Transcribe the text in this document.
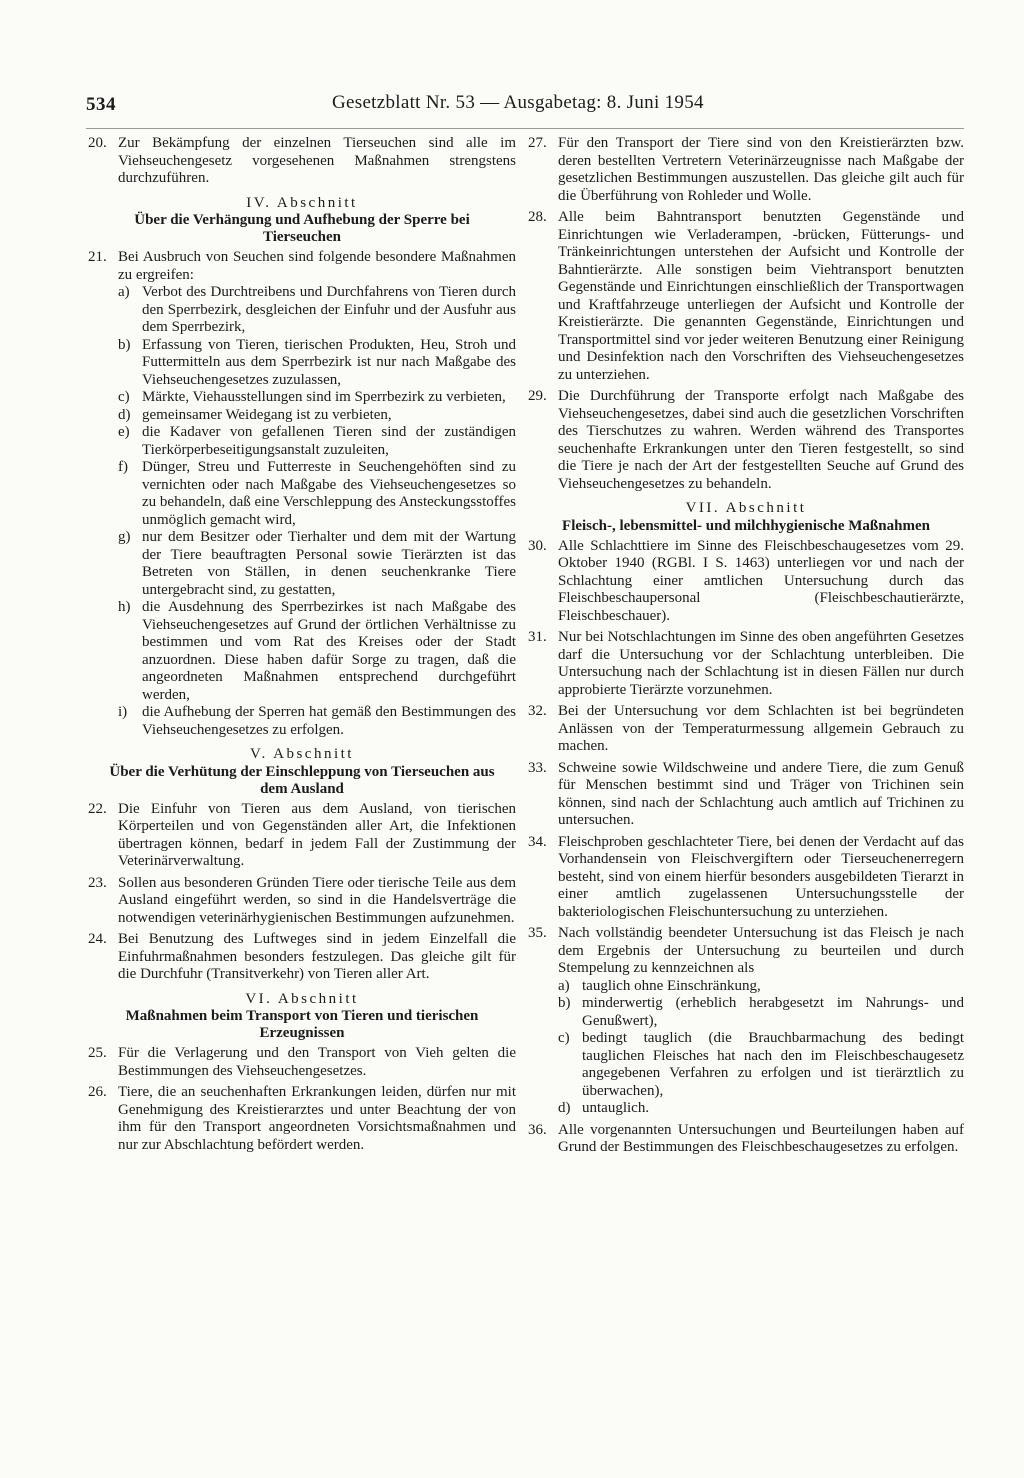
534	Gesetzblatt Nr. 53 — Ausgabetag: 8. Juni 1954
20. Zur Bekämpfung der einzelnen Tierseuchen sind alle im Viehseuchengesetz vorgesehenen Maßnahmen strengstens durchzuführen.
IV. Abschnitt
Über die Verhängung und Aufhebung der Sperre bei Tierseuchen
21. Bei Ausbruch von Seuchen sind folgende besondere Maßnahmen zu ergreifen:
a) Verbot des Durchtreibens und Durchfahrens von Tieren durch den Sperrbezirk, desgleichen der Einfuhr und der Ausfuhr aus dem Sperrbezirk,
b) Erfassung von Tieren, tierischen Produkten, Heu, Stroh und Futtermitteln aus dem Sperrbezirk ist nur nach Maßgabe des Viehseuchengesetzes zuzulassen,
c) Märkte, Viehausstellungen sind im Sperrbezirk zu verbieten,
d) gemeinsamer Weidegang ist zu verbieten,
e) die Kadaver von gefallenen Tieren sind der zuständigen Tierkörperbeseitigungsanstalt zuzuleiten,
f) Dünger, Streu und Futterreste in Seuchengehöften sind zu vernichten oder nach Maßgabe des Viehseuchengesetzes so zu behandeln, daß eine Verschleppung des Ansteckungsstoffes unmöglich gemacht wird,
g) nur dem Besitzer oder Tierhalter und dem mit der Wartung der Tiere beauftragten Personal sowie Tierärzten ist das Betreten von Ställen, in denen seuchenkranke Tiere untergebracht sind, zu gestatten,
h) die Ausdehnung des Sperrbezirkes ist nach Maßgabe des Viehseuchengesetzes auf Grund der örtlichen Verhältnisse zu bestimmen und vom Rat des Kreises oder der Stadt anzuordnen. Diese haben dafür Sorge zu tragen, daß die angeordneten Maßnahmen entsprechend durchgeführt werden,
i) die Aufhebung der Sperren hat gemäß den Bestimmungen des Viehseuchengesetzes zu erfolgen.
V. Abschnitt
Über die Verhütung der Einschleppung von Tierseuchen aus dem Ausland
22. Die Einfuhr von Tieren aus dem Ausland, von tierischen Körperteilen und von Gegenständen aller Art, die Infektionen übertragen können, bedarf in jedem Fall der Zustimmung der Veterinärverwaltung.
23. Sollen aus besonderen Gründen Tiere oder tierische Teile aus dem Ausland eingeführt werden, so sind in die Handelsverträge die notwendigen veterinärhygienischen Bestimmungen aufzunehmen.
24. Bei Benutzung des Luftweges sind in jedem Einzelfall die Einfuhrmaßnahmen besonders festzulegen. Das gleiche gilt für die Durchfuhr (Transitverkehr) von Tieren aller Art.
VI. Abschnitt
Maßnahmen beim Transport von Tieren und tierischen Erzeugnissen
25. Für die Verlagerung und den Transport von Vieh gelten die Bestimmungen des Viehseuchengesetzes.
26. Tiere, die an seuchenhaften Erkrankungen leiden, dürfen nur mit Genehmigung des Kreistierarztes und unter Beachtung der von ihm für den Transport angeordneten Vorsichtsmaßnahmen und nur zur Abschlachtung befördert werden.
27. Für den Transport der Tiere sind von den Kreistierärzten bzw. deren bestellten Vertretern Veterinärzeugnisse nach Maßgabe der gesetzlichen Bestimmungen auszustellen. Das gleiche gilt auch für die Überführung von Rohleder und Wolle.
28. Alle beim Bahntransport benutzten Gegenstände und Einrichtungen wie Verladerampen, -brücken, Fütterungs- und Tränkeinrichtungen unterstehen der Aufsicht und Kontrolle der Bahntierärzte. Alle sonstigen beim Viehtransport benutzten Gegenstände und Einrichtungen einschließlich der Transportwagen und Kraftfahrzeuge unterliegen der Aufsicht und Kontrolle der Kreistierärzte. Die genannten Gegenstände, Einrichtungen und Transportmittel sind vor jeder weiteren Benutzung einer Reinigung und Desinfektion nach den Vorschriften des Viehseuchengesetzes zu unterziehen.
29. Die Durchführung der Transporte erfolgt nach Maßgabe des Viehseuchengesetzes, dabei sind auch die gesetzlichen Vorschriften des Tierschutzes zu wahren. Werden während des Transportes seuchenhafte Erkrankungen unter den Tieren festgestellt, so sind die Tiere je nach der Art der festgestellten Seuche auf Grund des Viehseuchengesetzes zu behandeln.
VII. Abschnitt
Fleisch-, lebensmittel- und milchhygienische Maßnahmen
30. Alle Schlachttiere im Sinne des Fleischbeschaugesetzes vom 29. Oktober 1940 (RGBl. I S. 1463) unterliegen vor und nach der Schlachtung einer amtlichen Untersuchung durch das Fleischbeschaupersonal (Fleischbeschautierärzte, Fleischbeschauer).
31. Nur bei Notschlachtungen im Sinne des oben angeführten Gesetzes darf die Untersuchung vor der Schlachtung unterbleiben. Die Untersuchung nach der Schlachtung ist in diesen Fällen nur durch approbierte Tierärzte vorzunehmen.
32. Bei der Untersuchung vor dem Schlachten ist bei begründeten Anlässen von der Temperaturmessung allgemein Gebrauch zu machen.
33. Schweine sowie Wildschweine und andere Tiere, die zum Genuß für Menschen bestimmt sind und Träger von Trichinen sein können, sind nach der Schlachtung auch amtlich auf Trichinen zu untersuchen.
34. Fleischproben geschlachteter Tiere, bei denen der Verdacht auf das Vorhandensein von Fleischvergiftern oder Tierseuchenerregern besteht, sind von einem hierfür besonders ausgebildeten Tierarzt in einer amtlich zugelassenen Untersuchungsstelle der bakteriologischen Fleischuntersuchung zu unterziehen.
35. Nach vollständig beendeter Untersuchung ist das Fleisch je nach dem Ergebnis der Untersuchung zu beurteilen und durch Stempelung zu kennzeichnen als
a) tauglich ohne Einschränkung,
b) minderwertig (erheblich herabgesetzt im Nahrungs- und Genußwert),
c) bedingt tauglich (die Brauchbarmachung des bedingt tauglichen Fleisches hat nach den im Fleischbeschaugesetz angegebenen Verfahren zu erfolgen und ist tierärztlich zu überwachen),
d) untauglich.
36. Alle vorgenannten Untersuchungen und Beurteilungen haben auf Grund der Bestimmungen des Fleischbeschaugesetzes zu erfolgen.
